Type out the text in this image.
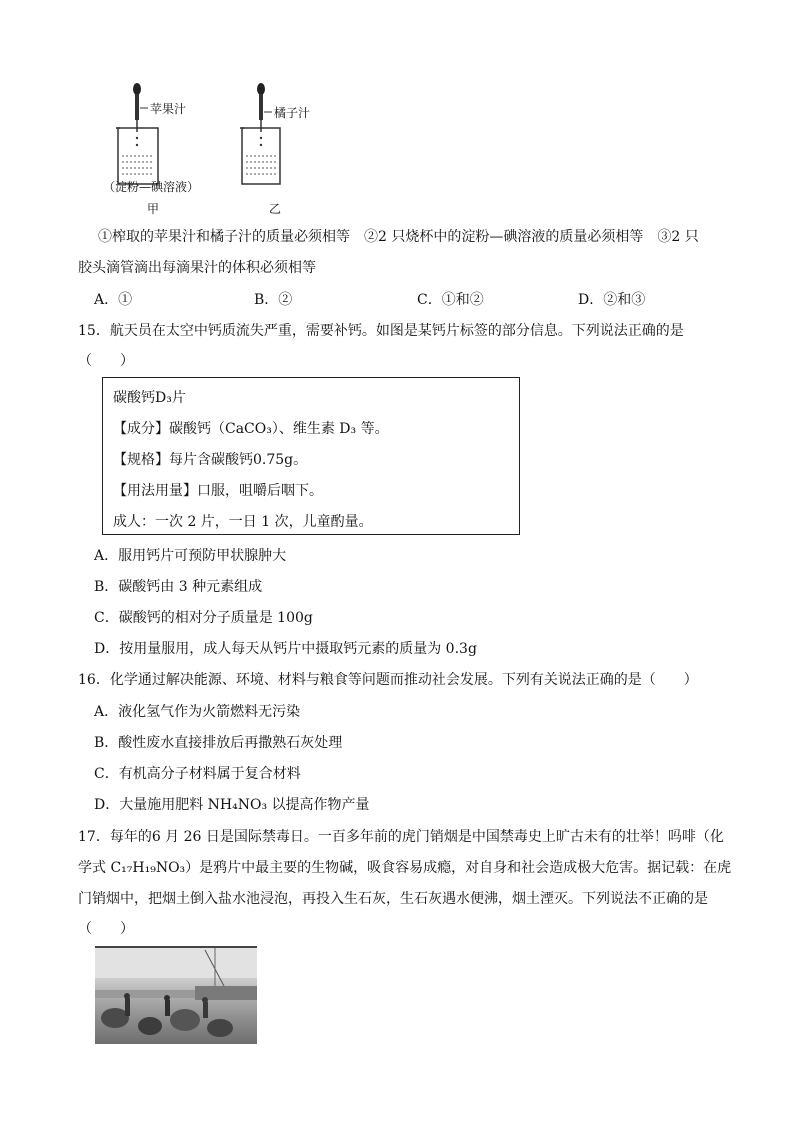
苹果汁	橘子汁
（淀粉—碘溶液）
甲	乙
①榨取的苹果汁和橘子汁的质量必须相等　②2 只烧杯中的淀粉—碘溶液的质量必须相等　③2 只
胶头滴管滴出每滴果汁的体积必须相等
A．①	B．②	C．①和②	D．②和③
15．航天员在太空中钙质流失严重，需要补钙。如图是某钙片标签的部分信息。下列说法正确的是
（　　）
碳酸钙D₃片
【成分】碳酸钙（CaCO₃）、维生素 D₃ 等。
【规格】每片含碳酸钙0.75g。
【用法用量】口服，咀嚼后咽下。
成人：一次 2 片，一日 1 次，儿童酌量。
A．服用钙片可预防甲状腺肿大
B．碳酸钙由 3 种元素组成
C．碳酸钙的相对分子质量是 100g
D．按用量服用，成人每天从钙片中摄取钙元素的质量为 0.3g
16．化学通过解决能源、环境、材料与粮食等问题而推动社会发展。下列有关说法正确的是（　　）
A．液化氢气作为火箭燃料无污染
B．酸性废水直接排放后再撒熟石灰处理
C．有机高分子材料属于复合材料
D．大量施用肥料 NH₄NO₃ 以提高作物产量
17．每年的6 月 26 日是国际禁毒日。一百多年前的虎门销烟是中国禁毒史上旷古未有的壮举！吗啡（化
学式 C₁₇H₁₉NO₃）是鸦片中最主要的生物碱，吸食容易成瘾，对自身和社会造成极大危害。据记载：在虎
门销烟中，把烟土倒入盐水池浸泡，再投入生石灰，生石灰遇水便沸，烟土湮灭。下列说法不正确的是
（　　）
